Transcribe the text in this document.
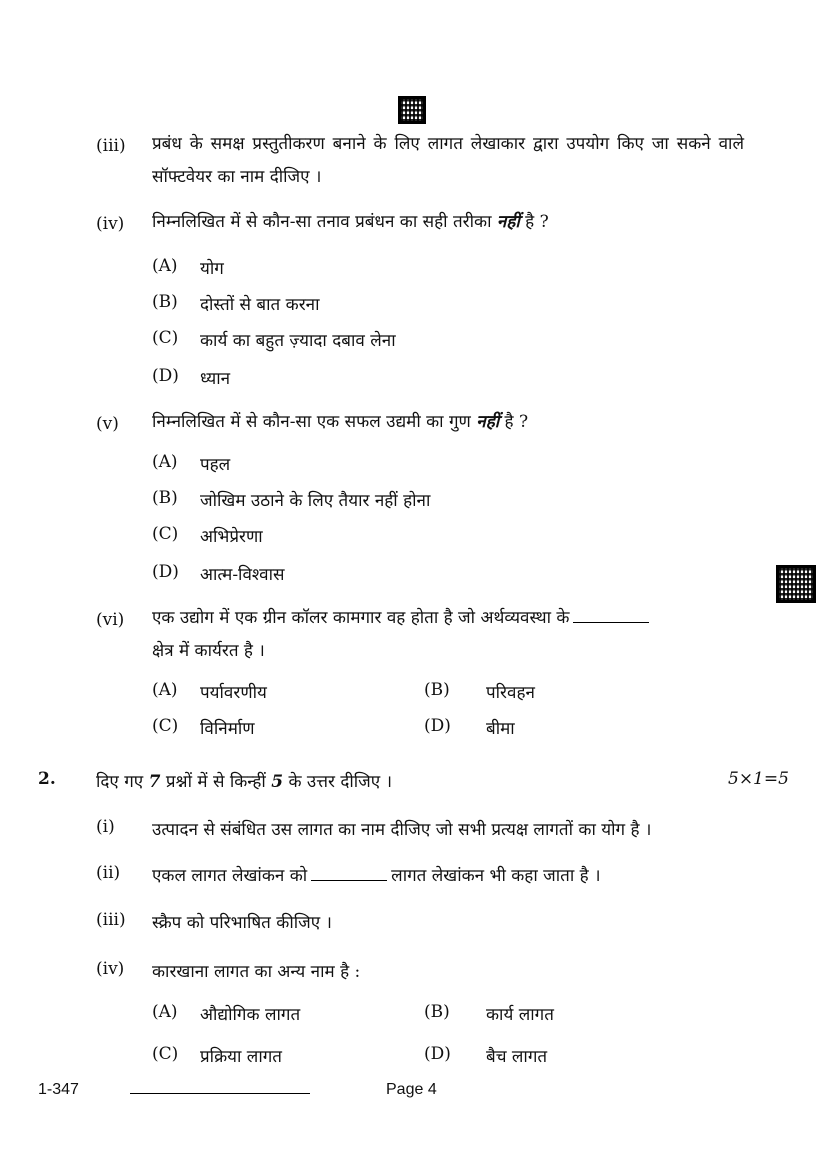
(iii)	प्रबंध के समक्ष प्रस्तुतीकरण बनाने के लिए लागत लेखाकार द्वारा उपयोग किए जा सकने वाले सॉफ्टवेयर का नाम दीजिए ।
(iv)	निम्नलिखित में से कौन-सा तनाव प्रबंधन का सही तरीका नहीं है ?
(A)	योग
(B)	दोस्तों से बात करना
(C)	कार्य का बहुत ज़्यादा दबाव लेना
(D)	ध्यान
(v)	निम्नलिखित में से कौन-सा एक सफल उद्यमी का गुण नहीं है ?
(A)	पहल
(B)	जोखिम उठाने के लिए तैयार नहीं होना
(C)	अभिप्रेरणा
(D)	आत्म-विश्वास
(vi)	एक उद्योग में एक ग्रीन कॉलर कामगार वह होता है जो अर्थव्यवस्था के
क्षेत्र में कार्यरत है ।
(A)	पर्यावरणीय	(B)	परिवहन
(C)	विनिर्माण	(D)	बीमा
2.	दिए गए 7 प्रश्नों में से किन्हीं 5 के उत्तर दीजिए ।	5×1=5
(i)	उत्पादन से संबंधित उस लागत का नाम दीजिए जो सभी प्रत्यक्ष लागतों का योग है ।
(ii)	एकल लागत लेखांकन को	लागत लेखांकन भी कहा जाता है ।
(iii)	स्क्रैप को परिभाषित कीजिए ।
(iv)	कारखाना लागत का अन्य नाम है :
(A)	औद्योगिक लागत	(B)	कार्य लागत
(C)	प्रक्रिया लागत	(D)	बैच लागत
1-347	Page 4
